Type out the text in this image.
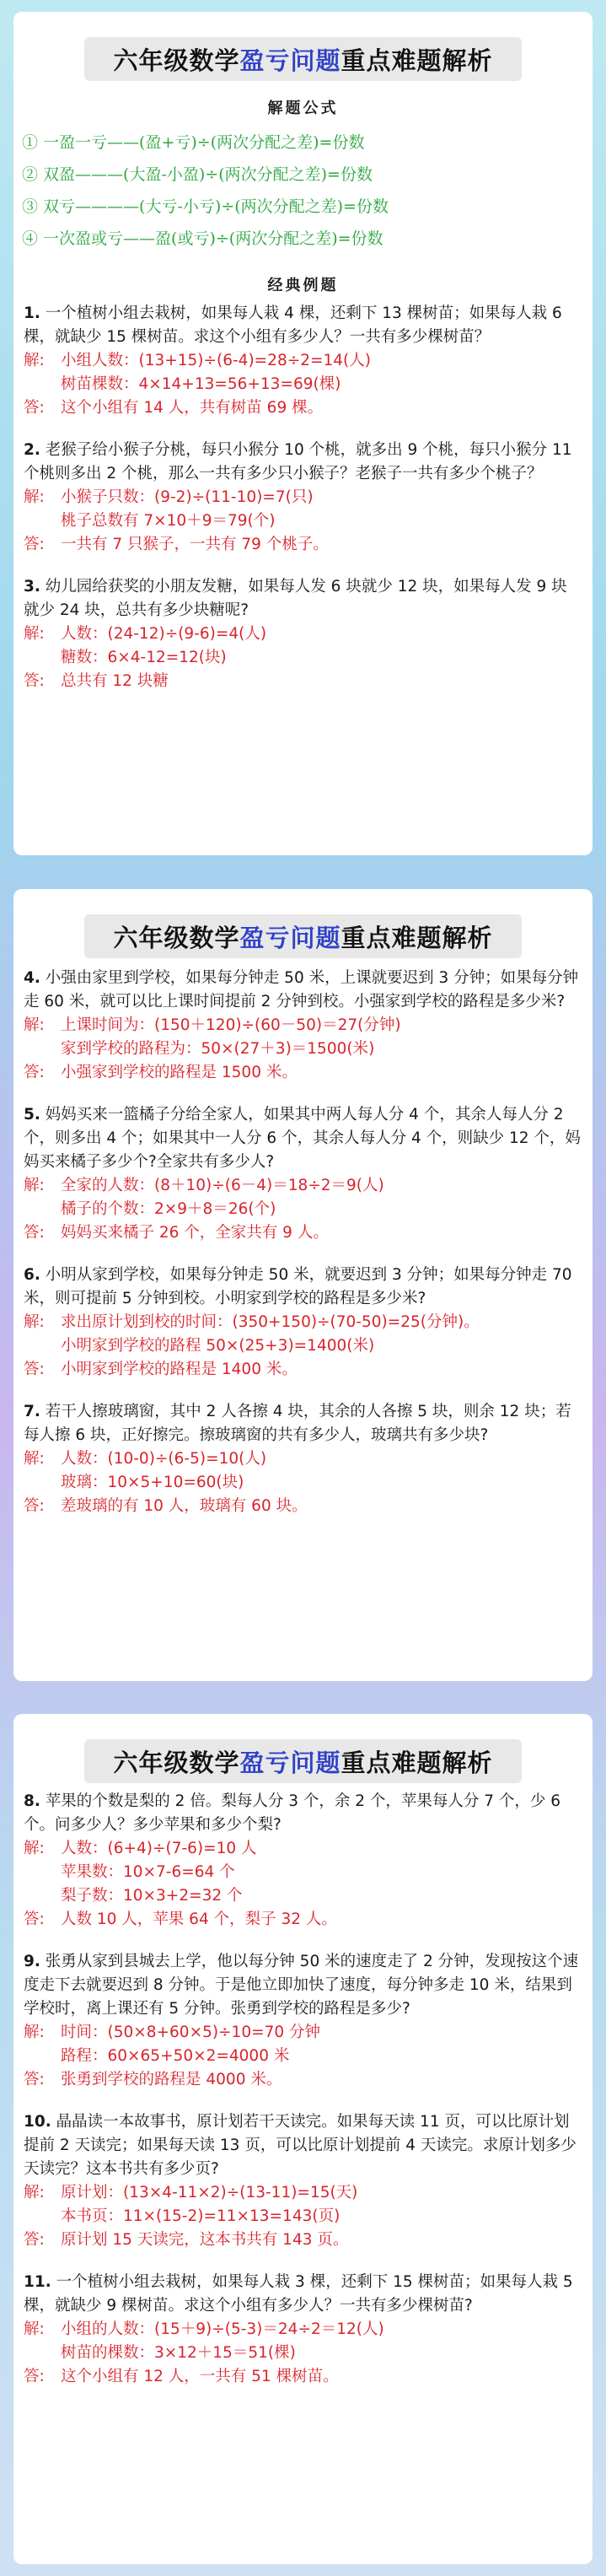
六年级数学 盈亏问题 重点难题解析
解题公式
① 一盈一亏——(盈+亏)÷(两次分配之差)=份数
② 双盈———(大盈-小盈)÷(两次分配之差)=份数
③ 双亏————(大亏-小亏)÷(两次分配之差)=份数
④ 一次盈或亏——盈(或亏)÷(两次分配之差)=份数
经典例题
1. 一个植树小组去栽树，如果每人栽 4 棵，还剩下 13 棵树苗；如果每人栽 6 棵，就缺少 15 棵树苗。求这个小组有多少人？一共有多少棵树苗？
解: 小组人数：(13+15)÷(6-4)=28÷2=14(人)
树苗棵数：4×14+13=56+13=69(棵)
答: 这个小组有 14 人，共有树苗 69 棵。
2. 老猴子给小猴子分桃，每只小猴分 10 个桃，就多出 9 个桃，每只小猴分 11 个桃则多出 2 个桃，那么一共有多少只小猴子？老猴子一共有多少个桃子？
解: 小猴子只数：(9-2)÷(11-10)=7(只)
桃子总数有 7×10＋9＝79(个)
答: 一共有 7 只猴子，一共有 79 个桃子。
3. 幼儿园给获奖的小朋友发糖，如果每人发 6 块就少 12 块，如果每人发 9 块就少 24 块，总共有多少块糖呢?
解: 人数：(24-12)÷(9-6)=4(人)
糖数：6×4-12=12(块)
答: 总共有 12 块糖
六年级数学 盈亏问题 重点难题解析
4. 小强由家里到学校，如果每分钟走 50 米，上课就要迟到 3 分钟；如果每分钟走 60 米，就可以比上课时间提前 2 分钟到校。小强家到学校的路程是多少米?
解: 上课时间为：(150＋120)÷(60－50)＝27(分钟)
家到学校的路程为：50×(27＋3)＝1500(米)
答: 小强家到学校的路程是 1500 米。
5. 妈妈买来一篮橘子分给全家人，如果其中两人每人分 4 个，其余人每人分 2 个，则多出 4 个；如果其中一人分 6 个，其余人每人分 4 个，则缺少 12 个，妈妈买来橘子多少个?全家共有多少人?
解: 全家的人数：(8＋10)÷(6－4)＝18÷2＝9(人)
橘子的个数：2×9＋8＝26(个)
答: 妈妈买来橘子 26 个，全家共有 9 人。
6. 小明从家到学校，如果每分钟走 50 米，就要迟到 3 分钟；如果每分钟走 70 米，则可提前 5 分钟到校。小明家到学校的路程是多少米?
解: 求出原计划到校的时间：(350+150)÷(70-50)=25(分钟)。
小明家到学校的路程 50×(25+3)=1400(米)
答: 小明家到学校的路程是 1400 米。
7. 若干人擦玻璃窗，其中 2 人各擦 4 块，其余的人各擦 5 块，则余 12 块；若每人擦 6 块，正好擦完。擦玻璃窗的共有多少人，玻璃共有多少块?
解: 人数：(10-0)÷(6-5)=10(人)
玻璃：10×5+10=60(块)
答: 差玻璃的有 10 人，玻璃有 60 块。
六年级数学 盈亏问题 重点难题解析
8. 苹果的个数是梨的 2 倍。梨每人分 3 个，余 2 个，苹果每人分 7 个，少 6 个。问多少人？多少苹果和多少个梨?
解: 人数：(6+4)÷(7-6)=10 人
苹果数：10×7-6=64 个
梨子数：10×3+2=32 个
答: 人数 10 人，苹果 64 个，梨子 32 人。
9. 张勇从家到县城去上学，他以每分钟 50 米的速度走了 2 分钟，发现按这个速度走下去就要迟到 8 分钟。于是他立即加快了速度，每分钟多走 10 米，结果到学校时，离上课还有 5 分钟。张勇到学校的路程是多少?
解: 时间：(50×8+60×5)÷10=70 分钟
路程：60×65+50×2=4000 米
答: 张勇到学校的路程是 4000 米。
10. 晶晶读一本故事书，原计划若干天读完。如果每天读 11 页，可以比原计划提前 2 天读完；如果每天读 13 页，可以比原计划提前 4 天读完。求原计划多少天读完？这本书共有多少页?
解: 原计划：(13×4-11×2)÷(13-11)=15(天)
本书页：11×(15-2)=11×13=143(页)
答: 原计划 15 天读完，这本书共有 143 页。
11. 一个植树小组去栽树，如果每人栽 3 棵，还剩下 15 棵树苗；如果每人栽 5 棵，就缺少 9 棵树苗。求这个小组有多少人？一共有多少棵树苗?
解: 小组的人数：(15＋9)÷(5-3)＝24÷2＝12(人)
树苗的棵数：3×12＋15＝51(棵)
答: 这个小组有 12 人，一共有 51 棵树苗。
